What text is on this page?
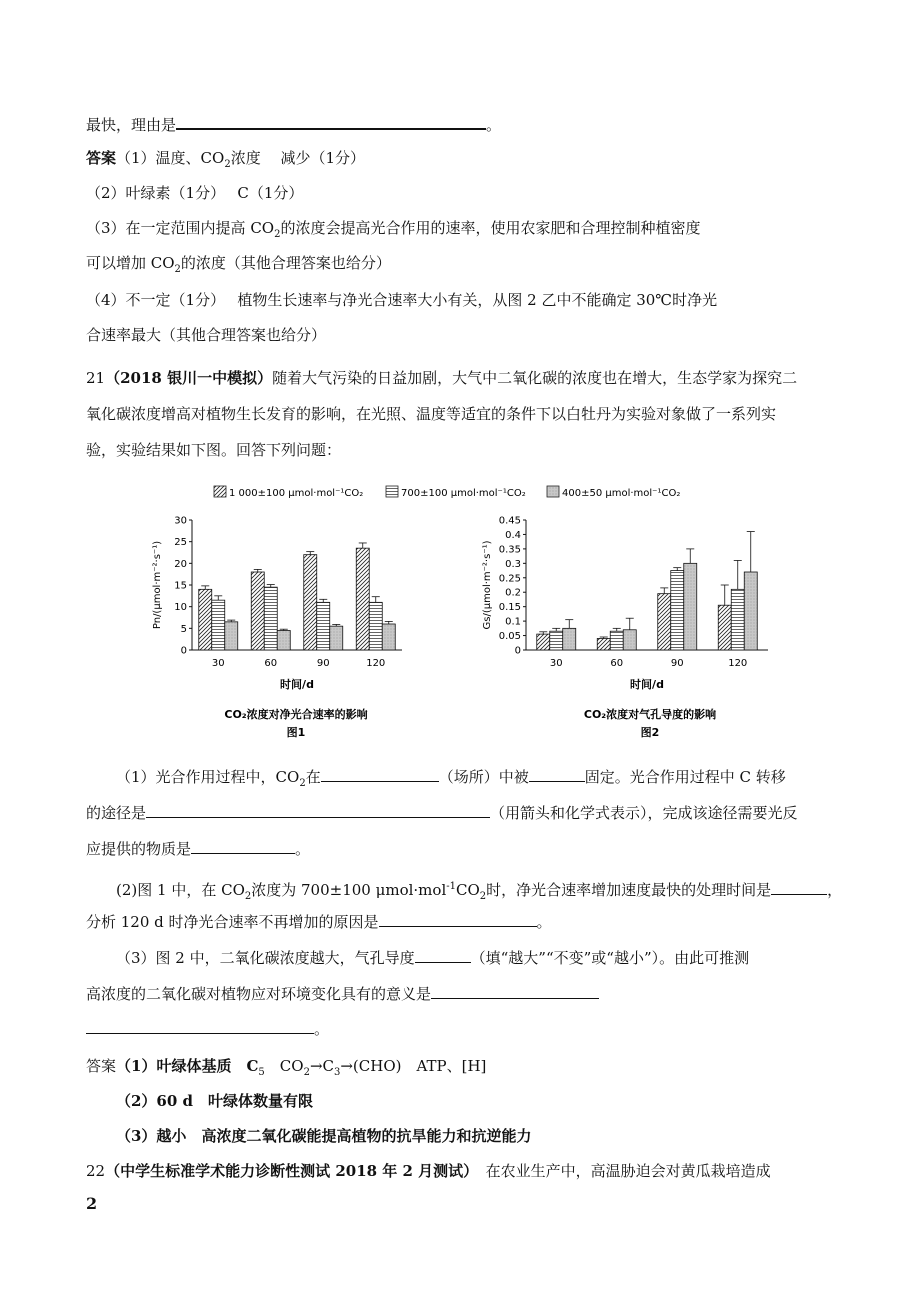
最快，理由是	。
答案（1）温度、$CO_2$浓度　 减少（1分）
（2）叶绿素（1分）　 C（1分）
（3）在一定范围内提高 $CO_2$的浓度会提高光合作用的速率，使用农家肥和合理控制种植密度
可以增加 $CO_2$的浓度（其他合理答案也给分）
（4）不一定（1分）　 植物生长速率与净光合速率大小有关，从图 2 乙中不能确定 30℃时净光
合速率最大（其他合理答案也给分）
21（2018 银川一中模拟）随着大气污染的日益加剧，大气中二氧化碳的浓度也在增大，生态学家为探究二
氧化碳浓度增高对植物生长发育的影响，在光照、温度等适宜的条件下以白牡丹为实验对象做了一系列实
验，实验结果如下图。回答下列问题：
1 000±100 μmol·mol⁻¹CO₂	700±100 μmol·mol⁻¹CO₂	400±50 μmol·mol⁻¹CO₂
0
5
10
15
20
25
30
Pn/(μmol·m⁻²·s⁻¹)
时间/d
30	60	90	120
0
0.05
0.1
0.15
0.2
0.25
0.3
0.35
0.4
0.45
Gs/(μmol·m⁻²·s⁻¹)
时间/d
30	60	90	120
CO₂浓度对净光合速率的影响
图1
CO₂浓度对气孔导度的影响
图2
（1）光合作用过程中，$CO_2$在	（场所）中被	固定。光合作用过程中 C 转移
的途径是	（用箭头和化学式表示），完成该途径需要光反
应提供的物质是	。
(2)图 1 中，在 $CO_2$浓度为 700±100 $\mu mol\cdot mol^{-1}CO_2$时，净光合速率增加速度最快的处理时间是	，
分析 120 d 时净光合速率不再增加的原因是	。
（3）图 2 中，二氧化碳浓度越大，气孔导度	（填“越大”“不变”或“越小”）。由此可推测
高浓度的二氧化碳对植物应对环境变化具有的意义是
。
答案（1）叶绿体基质　$C_5$　$CO_2\to C_3\to(CHO)$　ATP、[H]
（2）60 d　叶绿体数量有限
（3）越小　高浓度二氧化碳能提高植物的抗旱能力和抗逆能力
22（中学生标准学术能力诊断性测试 2018 年 2 月测试）　在农业生产中，高温胁迫会对黄瓜栽培造成
2
